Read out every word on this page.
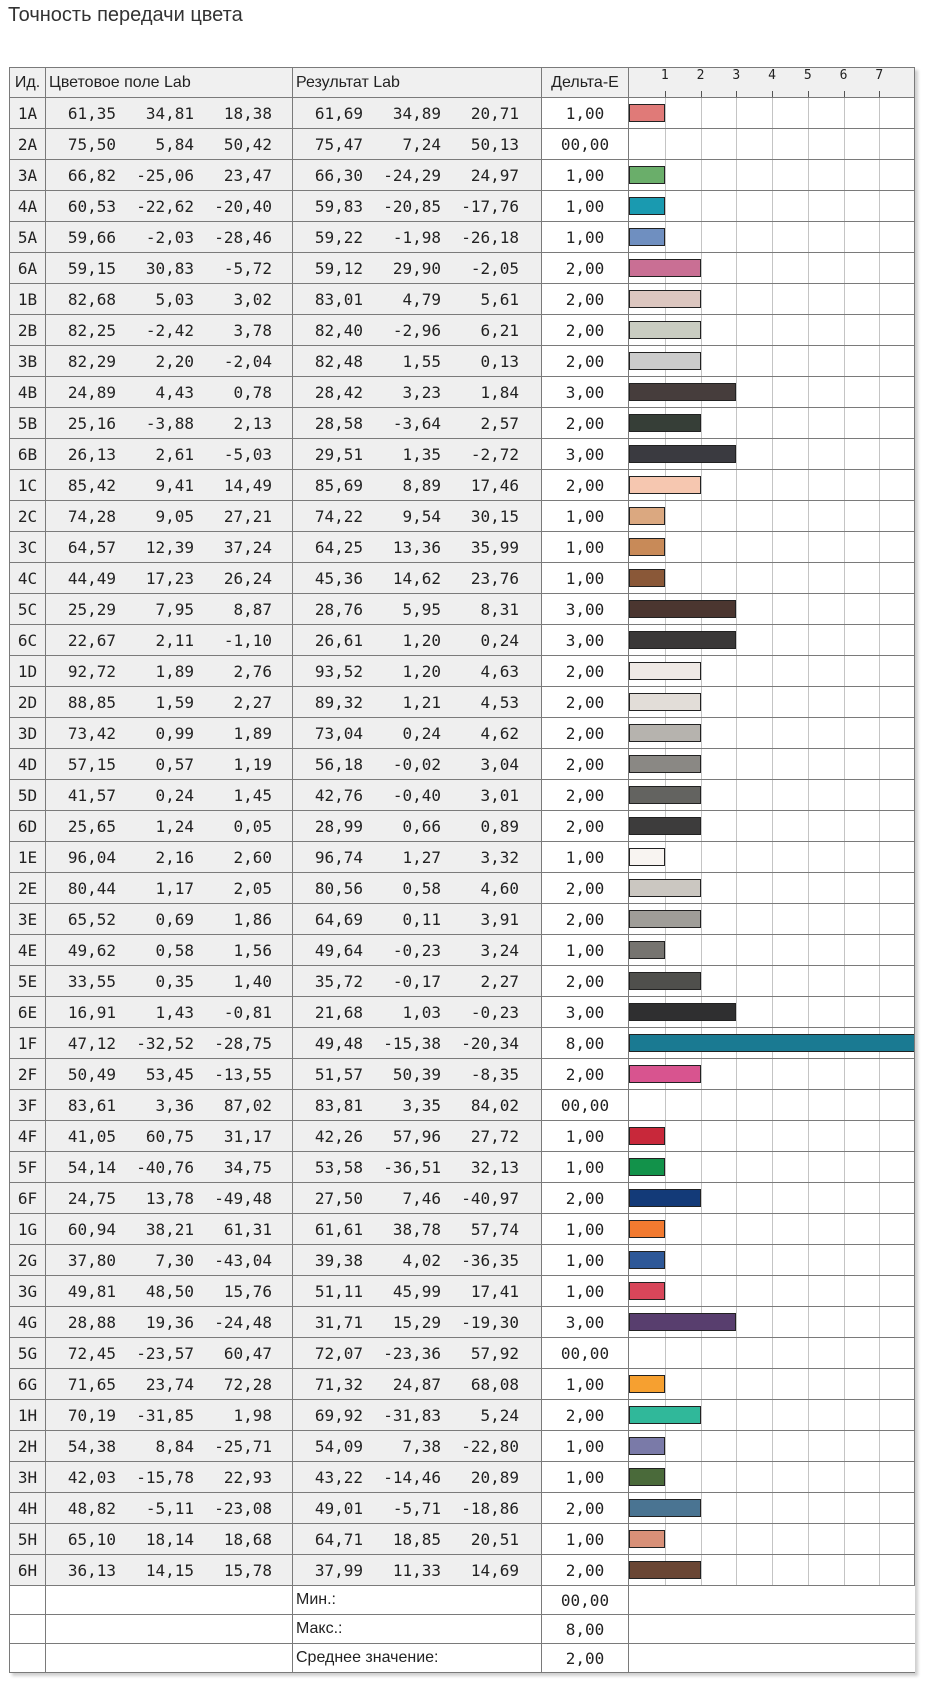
Точность передачи цвета
Ид. Цветовое поле Lab	Результат Lab	Дельта-E	1 2 3 4 5 6 7
1A	61,35	34,81	18,38	61,69	34,89	20,71	1,00
2A	75,50	5,84	50,42	75,47	7,24	50,13	00,00
3A	66,82	-25,06	23,47	66,30	-24,29	24,97	1,00
4A	60,53	-22,62	-20,40	59,83	-20,85	-17,76	1,00
5A	59,66	-2,03	-28,46	59,22	-1,98	-26,18	1,00
6A	59,15	30,83	-5,72	59,12	29,90	-2,05	2,00
1B	82,68	5,03	3,02	83,01	4,79	5,61	2,00
2B	82,25	-2,42	3,78	82,40	-2,96	6,21	2,00
3B	82,29	2,20	-2,04	82,48	1,55	0,13	2,00
4B	24,89	4,43	0,78	28,42	3,23	1,84	3,00
5B	25,16	-3,88	2,13	28,58	-3,64	2,57	2,00
6B	26,13	2,61	-5,03	29,51	1,35	-2,72	3,00
1C	85,42	9,41	14,49	85,69	8,89	17,46	2,00
2C	74,28	9,05	27,21	74,22	9,54	30,15	1,00
3C	64,57	12,39	37,24	64,25	13,36	35,99	1,00
4C	44,49	17,23	26,24	45,36	14,62	23,76	1,00
5C	25,29	7,95	8,87	28,76	5,95	8,31	3,00
6C	22,67	2,11	-1,10	26,61	1,20	0,24	3,00
1D	92,72	1,89	2,76	93,52	1,20	4,63	2,00
2D	88,85	1,59	2,27	89,32	1,21	4,53	2,00
3D	73,42	0,99	1,89	73,04	0,24	4,62	2,00
4D	57,15	0,57	1,19	56,18	-0,02	3,04	2,00
5D	41,57	0,24	1,45	42,76	-0,40	3,01	2,00
6D	25,65	1,24	0,05	28,99	0,66	0,89	2,00
1E	96,04	2,16	2,60	96,74	1,27	3,32	1,00
2E	80,44	1,17	2,05	80,56	0,58	4,60	2,00
3E	65,52	0,69	1,86	64,69	0,11	3,91	2,00
4E	49,62	0,58	1,56	49,64	-0,23	3,24	1,00
5E	33,55	0,35	1,40	35,72	-0,17	2,27	2,00
6E	16,91	1,43	-0,81	21,68	1,03	-0,23	3,00
1F	47,12	-32,52	-28,75	49,48	-15,38	-20,34	8,00
2F	50,49	53,45	-13,55	51,57	50,39	-8,35	2,00
3F	83,61	3,36	87,02	83,81	3,35	84,02	00,00
4F	41,05	60,75	31,17	42,26	57,96	27,72	1,00
5F	54,14	-40,76	34,75	53,58	-36,51	32,13	1,00
6F	24,75	13,78	-49,48	27,50	7,46	-40,97	2,00
1G	60,94	38,21	61,31	61,61	38,78	57,74	1,00
2G	37,80	7,30	-43,04	39,38	4,02	-36,35	1,00
3G	49,81	48,50	15,76	51,11	45,99	17,41	1,00
4G	28,88	19,36	-24,48	31,71	15,29	-19,30	3,00
5G	72,45	-23,57	60,47	72,07	-23,36	57,92	00,00
6G	71,65	23,74	72,28	71,32	24,87	68,08	1,00
1H	70,19	-31,85	1,98	69,92	-31,83	5,24	2,00
2H	54,38	8,84	-25,71	54,09	7,38	-22,80	1,00
3H	42,03	-15,78	22,93	43,22	-14,46	20,89	1,00
4H	48,82	-5,11	-23,08	49,01	-5,71	-18,86	2,00
5H	65,10	18,14	18,68	64,71	18,85	20,51	1,00
6H	36,13	14,15	15,78	37,99	11,33	14,69	2,00
Мин.:	00,00
Макс.:	8,00
Среднее значение:	2,00
